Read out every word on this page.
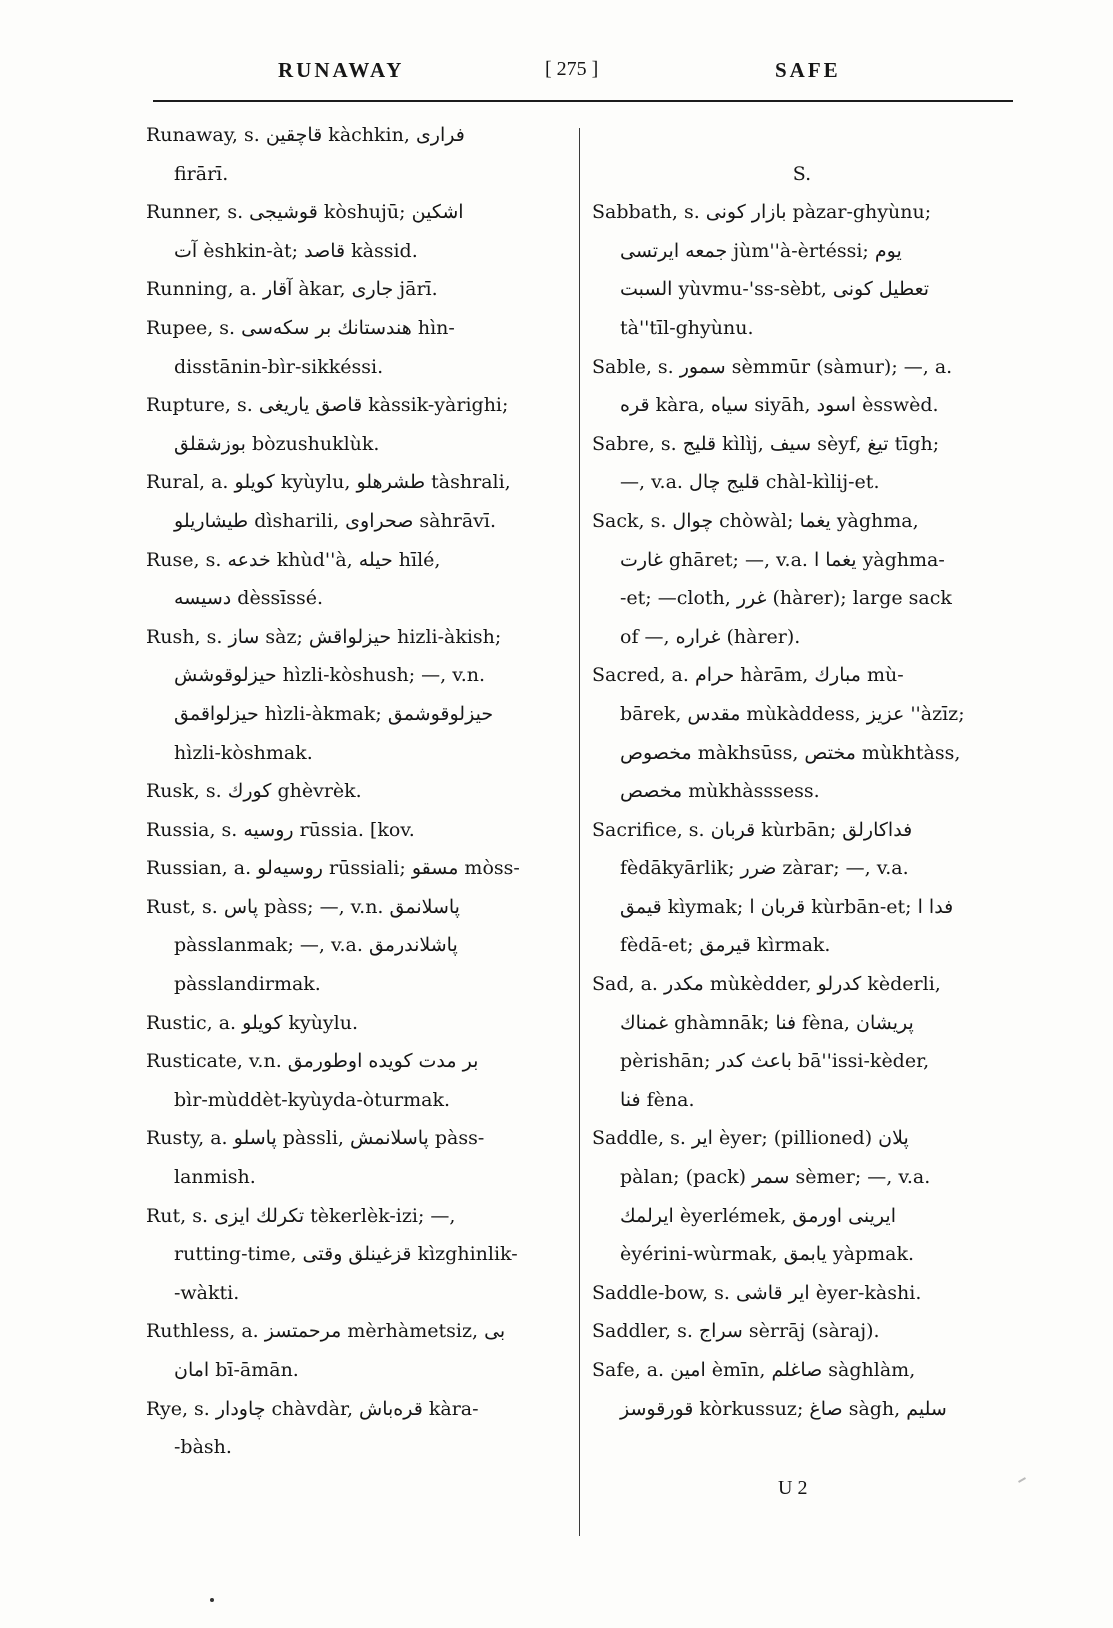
RUNAWAY	[ 275 ]	SAFE
Runaway, s. قاچقين kàchkin, فرارى
firārī.
Runner, s. قوشيجى kòshujū; اشكين
آت èshkin-àt; قاصد kàssid.
Running, a. آقار àkar, جارى jārī.
Rupee, s. هندستانك بر سكه‌سى hìn-
disstānin-bìr-sikkéssi.
Rupture, s. قاصق ياريغى kàssik-yàrighi;
بوزشقلق bòzushuklùk.
Rural, a. كويلو kyùylu, طشرهلو tàshrali,
طيشاريلو dìsharili, صحراوى sàhrāvī.
Ruse, s. خدعه khùd''à, حيله hīlé,
دسيسه dèssīssé.
Rush, s. ساز sàz; حيزلواقش hizli-àkish;
حيزلوقوشش hìzli-kòshush; —, v.n.
حيزلواقمق hìzli-àkmak; حيزلوقوشمق
hìzli-kòshmak.
Rusk, s. كورك ghèvrèk.
Russia, s. روسيه rūssia. [kov.
Russian, a. روسيه‌لو rūssiali; مسقو mòss-
Rust, s. پاس pàss; —, v.n. پاسلانمق
pàsslanmak; —, v.a. پاشلاندرمق
pàsslandirmak.
Rustic, a. كويلو kyùylu.
Rusticate, v.n. بر مدت كويده اوطورمق
bìr-mùddèt-kyùyda-òturmak.
Rusty, a. پاسلو pàssli, پاسلانمش pàss-
lanmish.
Rut, s. تكرلك ايزى tèkerlèk-izi; —,
rutting-time, قزغينلق وقتى kìzghinlik-
-wàkti.
Ruthless, a. مرحمتسز mèrhàmetsiz, بى
امان bī-āmān.
Rye, s. چاودار chàvdàr, قره‌باش kàra-
-bàsh.
S.
Sabbath, s. بازار كونى pàzar-ghyùnu;
جمعه ايرتسى jùm''à-èrtéssi; يوم
السبت yùvmu-'ss-sèbt, تعطيل كونى
tà''tīl-ghyùnu.
Sable, s. سمور sèmmūr (sàmur); —, a.
قره kàra, سياه siyāh, اسود èsswèd.
Sabre, s. قليج kìlìj, سيف sèyf, تيغ tīgh;
—, v.a. قليج چال chàl-kìlij-et.
Sack, s. چوال chòwàl; يغما yàghma,
غارت ghāret; —, v.a. يغما ا yàghma-
-et; —cloth, غرر (hàrer); large sack
of —, غراره (hàrer).
Sacred, a. حرام hàrām, مبارك mù-
bārek, مقدس mùkàddess, عزيز ''àzīz;
مخصوص màkhsūss, مختص mùkhtàss,
مخصص mùkhàsssess.
Sacrifice, s. قربان kùrbān; فداكارلق
fèdākyārlik; ضرر zàrar; —, v.a.
قيمق kìymak; قربان ا kùrbān-et; فدا ا
fèdā-et; قيرمق kìrmak.
Sad, a. مكدر mùkèdder, كدرلو kèderli,
غمناك ghàmnāk; فنا fèna, پريشان
pèrishān; باعث كدر bā''issi-kèder,
فنا fèna.
Saddle, s. اير èyer; (pillioned) پلان
pàlan; (pack) سمر sèmer; —, v.a.
ايرلمك èyerlémek, ايرينى اورمق
èyérini-wùrmak, يابمق yàpmak.
Saddle-bow, s. اير قاشى èyer-kàshi.
Saddler, s. سراج sèrrāj (sàraj).
Safe, a. امين èmīn, صاغلم sàghlàm,
قورقوسز kòrkussuz; صاغ sàgh, سليم
U 2
